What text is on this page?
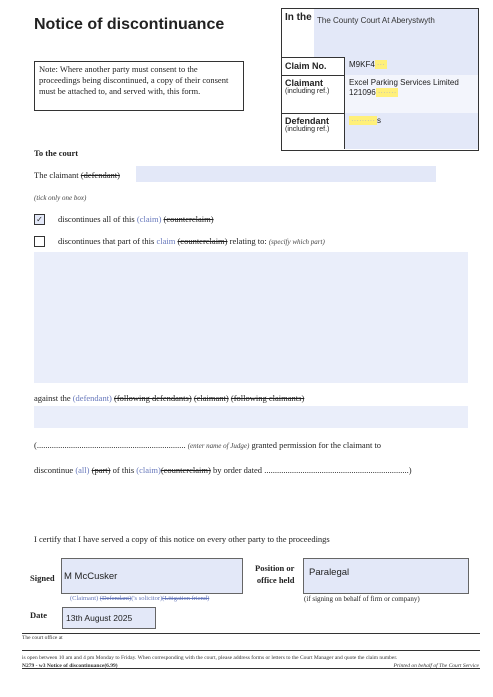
Notice of discontinuance
Note: Where another party must consent to the proceedings being discontinued, a copy of their consent must be attached to, and served with, this form.
In the The County Court At Aberystwyth
Claim No.	M9KF4 ···
Claimant
(including ref.)
Excel Parking Services Limited
121096 ·······
Defendant
(including ref.)
········· s
To the court
The claimant (defendant)
(tick only one box)
✓ discontinues all of this (claim) (counterclaim)
discontinues that part of this claim (counterclaim) relating to: (specify which part)
against the (defendant) (following defendants) (claimant) (following claimants)
(...................................................................... (enter name of Judge) granted permission for the claimant to
discontinue (all) (part) of this (claim)(counterclaim) by order dated ....................................................................)
I certify that I have served a copy of this notice on every other party to the proceedings
Signed M McCusker
(Claimant) (Defendant)('s solicitor)(Litigation friend)
Position or
office held
Paralegal
(if signing on behalf of firm or company)
Date 13th August 2025
The court office at
is open between 10 am and 4 pm Monday to Friday. When corresponding with the court, please address forms or letters to the Court Manager and quote the claim number.
N279 - w3 Notice of discontinuance(6.99)	Printed on behalf of The Court Service
